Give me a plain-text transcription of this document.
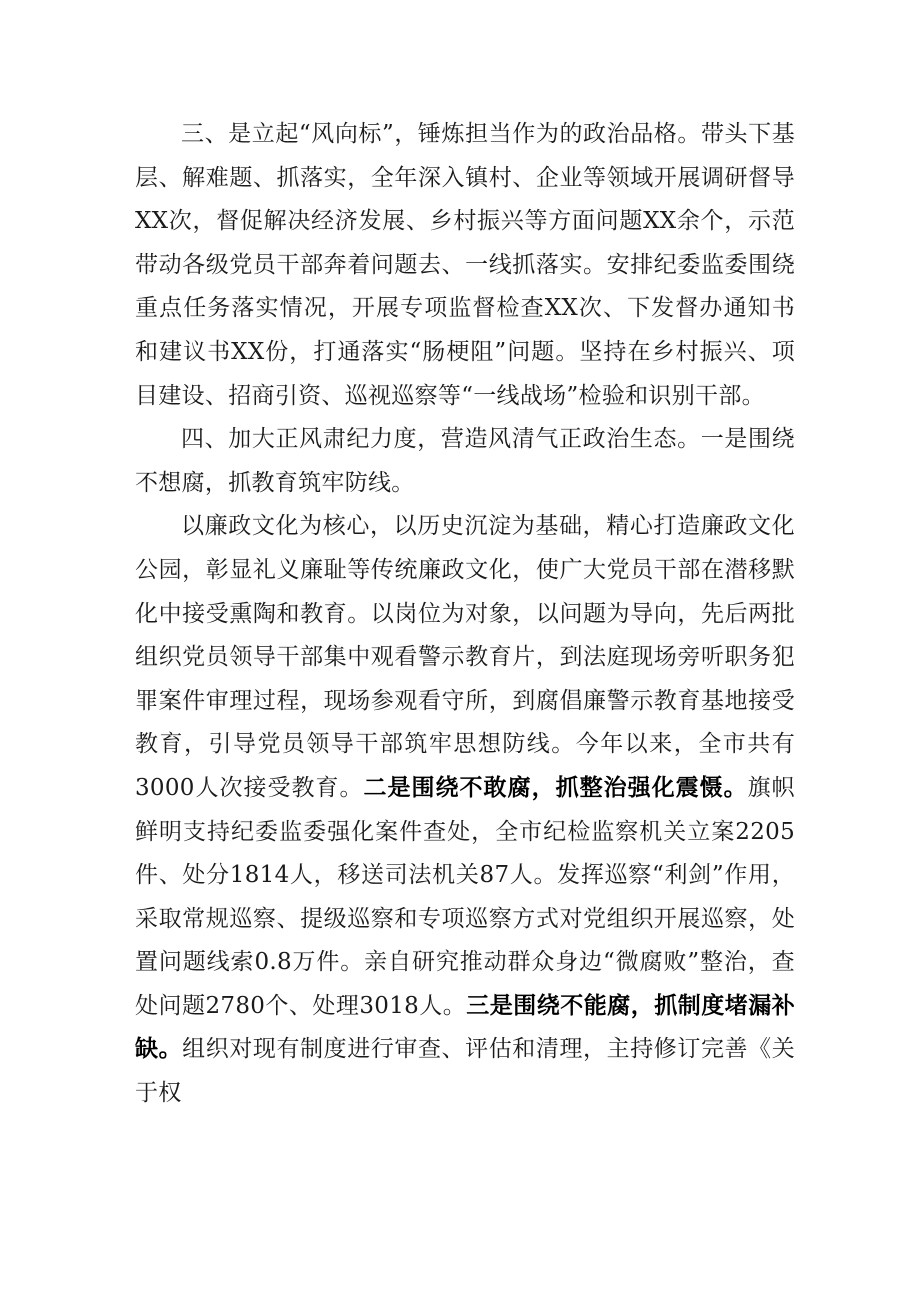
三、是立起“风向标”，锤炼担当作为的政治品格。带头下基层、解难题、抓落实，全年深入镇村、企业等领域开展调研督导XX次，督促解决经济发展、乡村振兴等方面问题XX余个，示范带动各级党员干部奔着问题去、一线抓落实。安排纪委监委围绕重点任务落实情况，开展专项监督检查XX次、下发督办通知书和建议书XX份，打通落实“肠梗阻”问题。坚持在乡村振兴、项目建设、招商引资、巡视巡察等“一线战场”检验和识别干部。

四、加大正风肃纪力度，营造风清气正政治生态。一是围绕不想腐，抓教育筑牢防线。

以廉政文化为核心，以历史沉淀为基础，精心打造廉政文化公园，彰显礼义廉耻等传统廉政文化，使广大党员干部在潜移默化中接受熏陶和教育。以岗位为对象，以问题为导向，先后两批组织党员领导干部集中观看警示教育片，到法庭现场旁听职务犯罪案件审理过程，现场参观看守所，到腐倡廉警示教育基地接受教育，引导党员领导干部筑牢思想防线。今年以来，全市共有3000人次接受教育。二是围绕不敢腐，抓整治强化震慑。旗帜鲜明支持纪委监委强化案件查处，全市纪检监察机关立案2205件、处分1814人，移送司法机关87人。发挥巡察“利剑”作用，采取常规巡察、提级巡察和专项巡察方式对党组织开展巡察，处置问题线索0.8万件。亲自研究推动群众身边“微腐败”整治，查处问题2780个、处理3018人。三是围绕不能腐，抓制度堵漏补缺。组织对现有制度进行审查、评估和清理，主持修订完善《关于权
